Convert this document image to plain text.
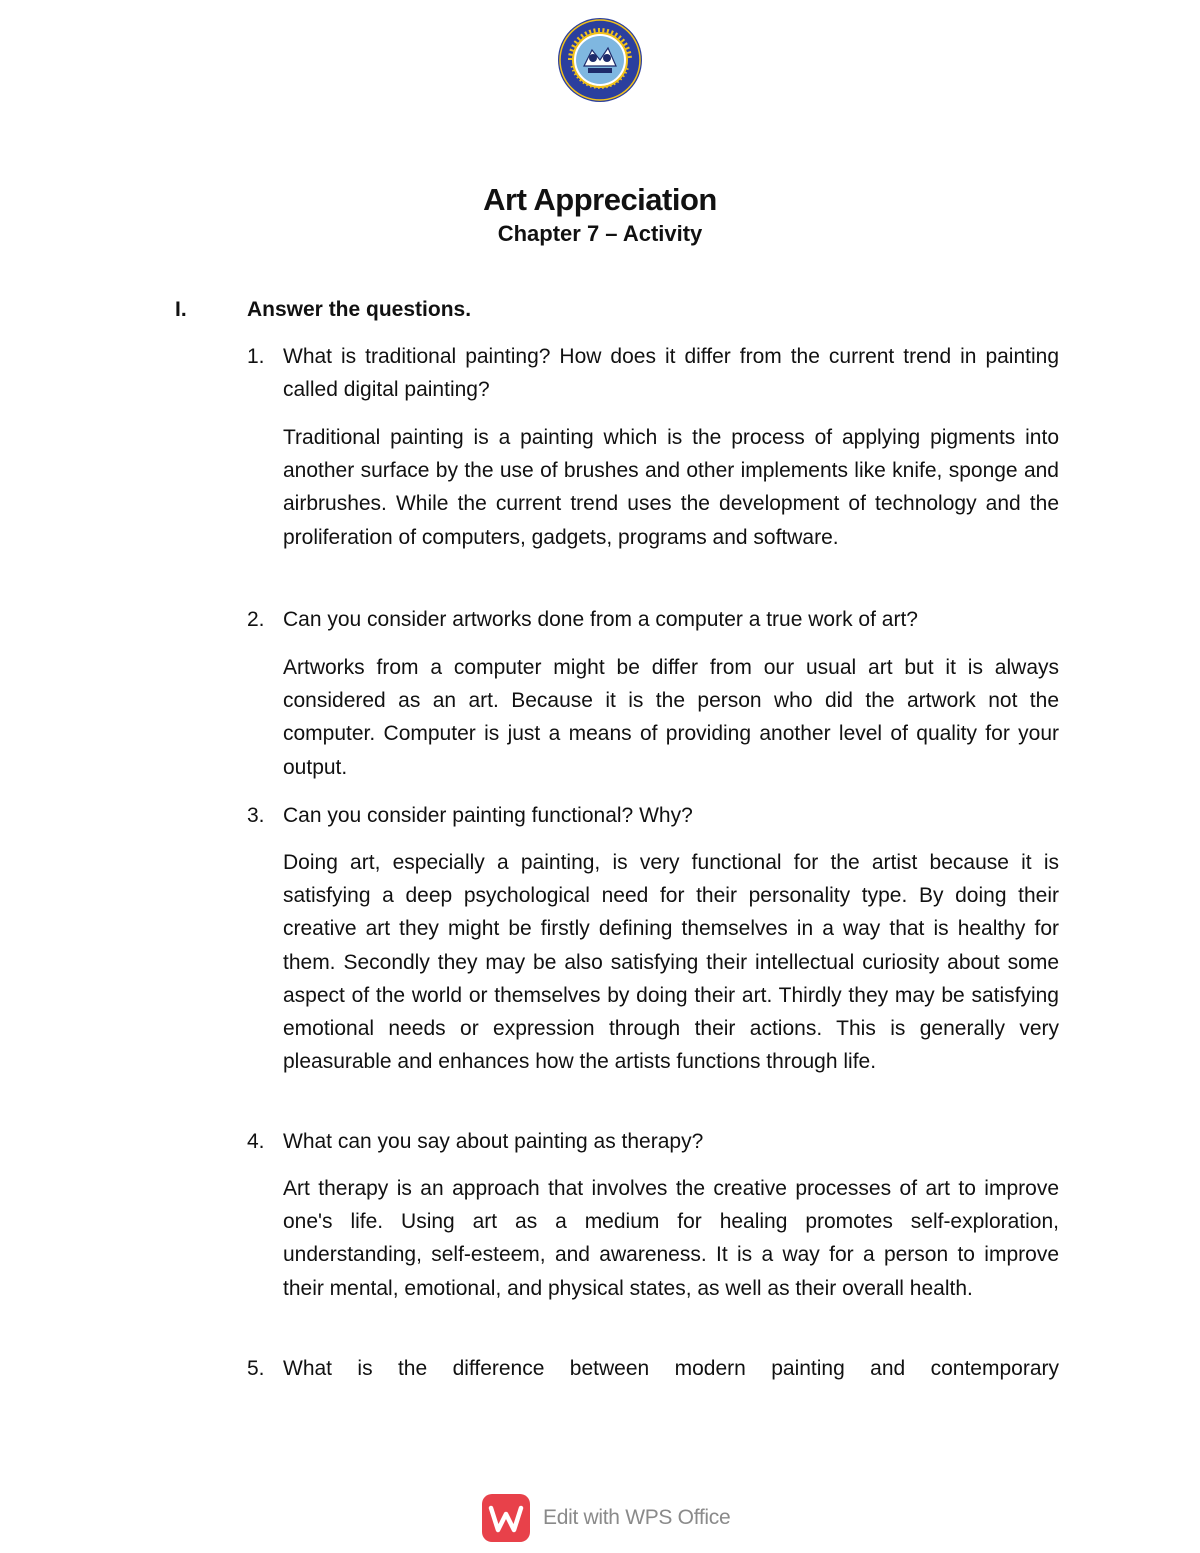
Art Appreciation
Chapter 7 – Activity
I.	Answer the questions.
1. What is traditional painting? How does it differ from the current trend in painting called digital painting?
Traditional painting is a painting which is the process of applying pigments into another surface by the use of brushes and other implements like knife, sponge and airbrushes. While the current trend uses the development of technology and the proliferation of computers, gadgets, programs and software.
2. Can you consider artworks done from a computer a true work of art?
Artworks from a computer might be differ from our usual art but it is always considered as an art. Because it is the person who did the artwork not the computer. Computer is just a means of providing another level of quality for your output.
3. Can you consider painting functional? Why?
Doing art, especially a painting, is very functional for the artist because it is satisfying a deep psychological need for their personality type. By doing their creative art they might be firstly defining themselves in a way that is healthy for them. Secondly they may be also satisfying their intellectual curiosity about some aspect of the world or themselves by doing their art. Thirdly they may be satisfying emotional needs or expression through their actions. This is generally very pleasurable and enhances how the artists functions through life.
4. What can you say about painting as therapy?
Art therapy is an approach that involves the creative processes of art to improve one's life. Using art as a medium for healing promotes self-exploration, understanding, self-esteem, and awareness. It is a way for a person to improve their mental, emotional, and physical states, as well as their overall health.
5. What is the difference between modern painting and contemporary
Edit with WPS Office
